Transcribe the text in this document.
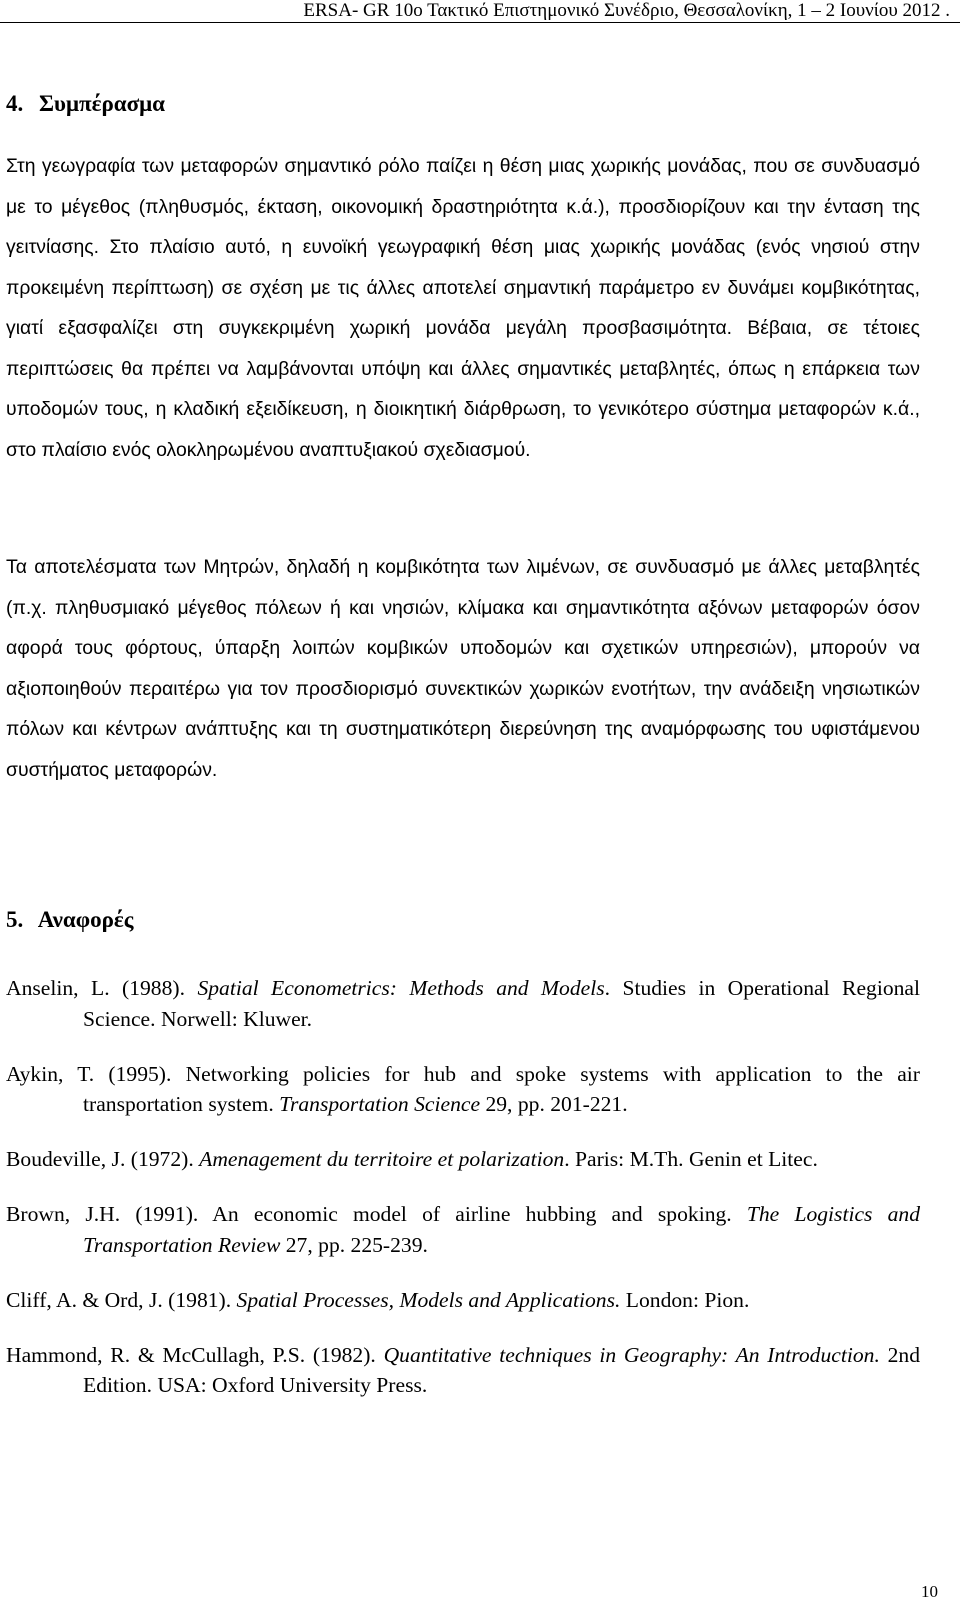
ERSA- GR 10ο Τακτικό Επιστημονικό Συνέδριο, Θεσσαλονίκη, 1 – 2 Ιουνίου 2012 .
4. Συμπέρασμα

Στη γεωγραφία των μεταφορών σημαντικό ρόλο παίζει η θέση μιας χωρικής μονάδας, που σε συνδυασμό με το μέγεθος (πληθυσμός, έκταση, οικονομική δραστηριότητα κ.ά.), προσδιορίζουν και την ένταση της γειτνίασης. Στο πλαίσιο αυτό, η ευνοϊκή γεωγραφική θέση μιας χωρικής μονάδας (ενός νησιού στην προκειμένη περίπτωση) σε σχέση με τις άλλες αποτελεί σημαντική παράμετρο εν δυνάμει κομβικότητας, γιατί εξασφαλίζει στη συγκεκριμένη χωρική μονάδα μεγάλη προσβασιμότητα. Βέβαια, σε τέτοιες περιπτώσεις θα πρέπει να λαμβάνονται υπόψη και άλλες σημαντικές μεταβλητές, όπως η επάρκεια των υποδομών τους, η κλαδική εξειδίκευση, η διοικητική διάρθρωση, το γενικότερο σύστημα μεταφορών κ.ά., στο πλαίσιο ενός ολοκληρωμένου αναπτυξιακού σχεδιασμού.

Τα αποτελέσματα των Μητρών, δηλαδή η κομβικότητα των λιμένων, σε συνδυασμό με άλλες μεταβλητές (π.χ. πληθυσμιακό μέγεθος πόλεων ή και νησιών, κλίμακα και σημαντικότητα αξόνων μεταφορών όσον αφορά τους φόρτους, ύπαρξη λοιπών κομβικών υποδομών και σχετικών υπηρεσιών), μπορούν να αξιοποιηθούν περαιτέρω για τον προσδιορισμό συνεκτικών χωρικών ενοτήτων, την ανάδειξη νησιωτικών πόλων και κέντρων ανάπτυξης και τη συστηματικότερη διερεύνηση της αναμόρφωσης του υφιστάμενου συστήματος μεταφορών.

5. Αναφορές

Anselin, L. (1988). Spatial Econometrics: Methods and Models. Studies in Operational Regional Science. Norwell: Kluwer.

Aykin, T. (1995). Networking policies for hub and spoke systems with application to the air transportation system. Transportation Science 29, pp. 201-221.

Boudeville, J. (1972). Amenagement du territoire et polarization. Paris: M.Th. Genin et Litec.

Brown, J.H. (1991). An economic model of airline hubbing and spoking. The Logistics and Transportation Review 27, pp. 225-239.

Cliff, A. & Ord, J. (1981). Spatial Processes, Models and Applications. London: Pion.

Hammond, R. & McCullagh, P.S. (1982). Quantitative techniques in Geography: An Introduction. 2nd Edition. USA: Oxford University Press.

10
